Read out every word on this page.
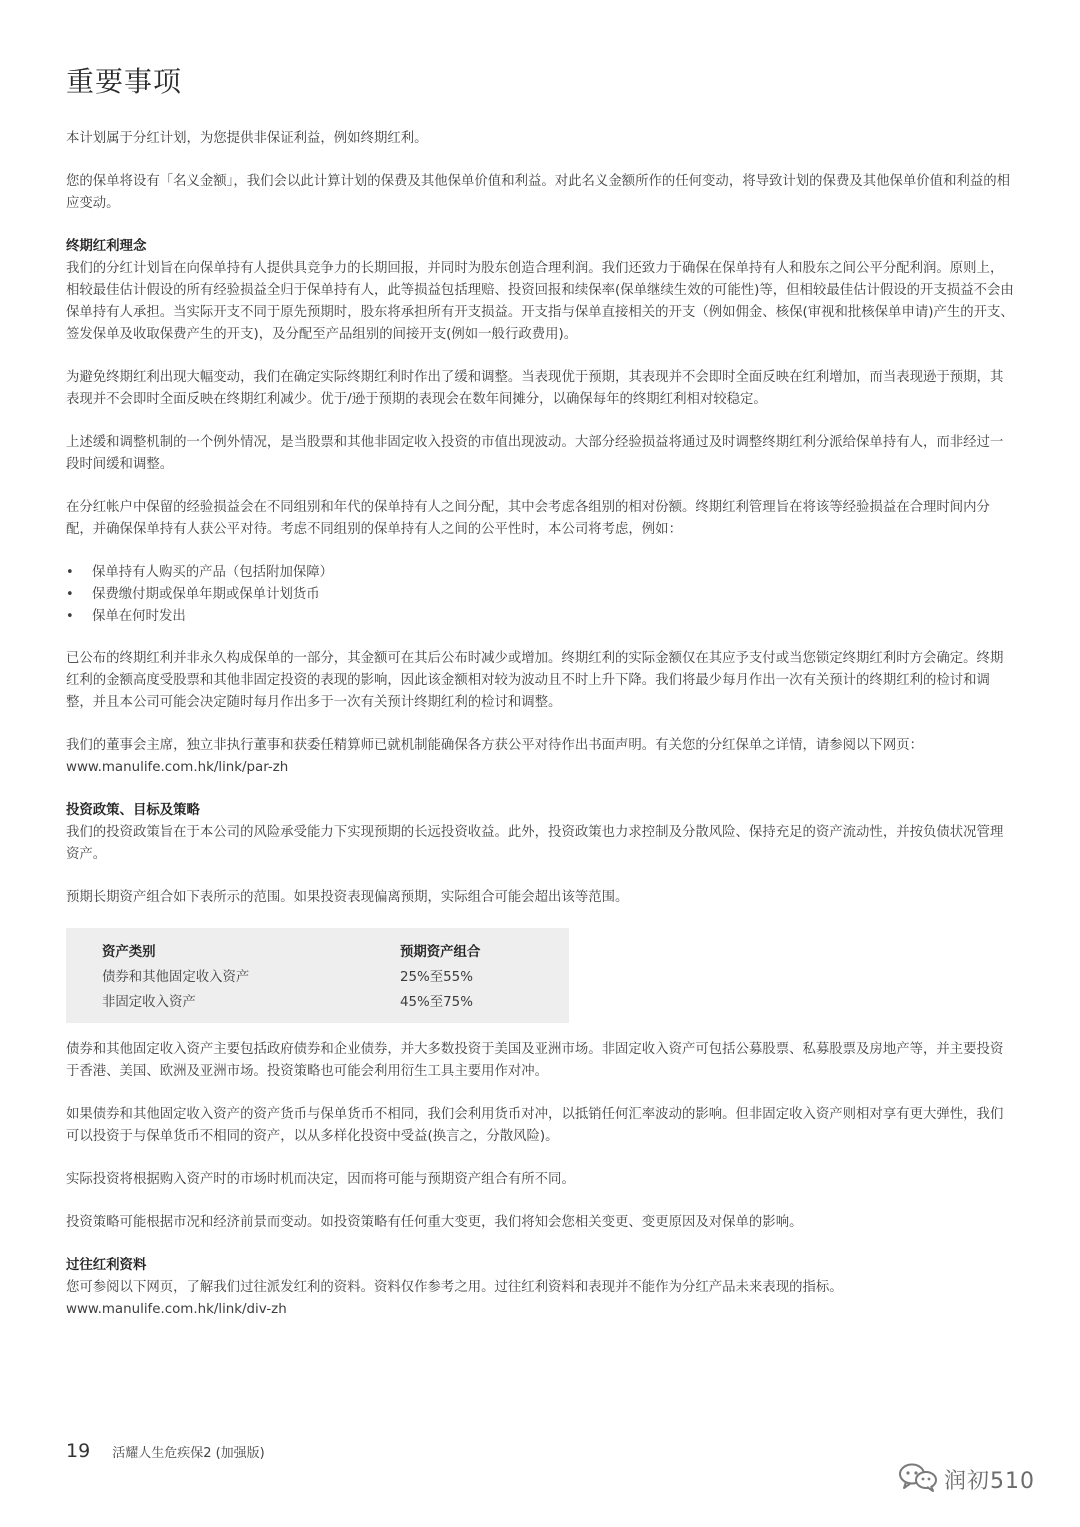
重要事项

本计划属于分红计划，为您提供非保证利益，例如终期红利。

您的保单将设有「名义金额」，我们会以此计算计划的保费及其他保单价值和利益。对此名义金额所作的任何变动，将导致计划的保费及其他保单价值和利益的相应变动。

终期红利理念

我们的分红计划旨在向保单持有人提供具竞争力的长期回报，并同时为股东创造合理利润。我们还致力于确保在保单持有人和股东之间公平分配利润。原则上，相较最佳估计假设的所有经验损益全归于保单持有人，此等损益包括理赔、投资回报和续保率(保单继续生效的可能性)等，但相较最佳估计假设的开支损益不会由保单持有人承担。当实际开支不同于原先预期时，股东将承担所有开支损益。开支指与保单直接相关的开支（例如佣金、核保(审视和批核保单申请)产生的开支、签发保单及收取保费产生的开支)，及分配至产品组别的间接开支(例如一般行政费用)。

为避免终期红利出现大幅变动，我们在确定实际终期红利时作出了缓和调整。当表现优于预期，其表现并不会即时全面反映在红利增加，而当表现逊于预期，其表现并不会即时全面反映在终期红利减少。优于/逊于预期的表现会在数年间摊分，以确保每年的终期红利相对较稳定。

上述缓和调整机制的一个例外情况，是当股票和其他非固定收入投资的市值出现波动。大部分经验损益将通过及时调整终期红利分派给保单持有人，而非经过一段时间缓和调整。

在分红帐户中保留的经验损益会在不同组别和年代的保单持有人之间分配，其中会考虑各组别的相对份额。终期红利管理旨在将该等经验损益在合理时间内分配，并确保保单持有人获公平对待。考虑不同组别的保单持有人之间的公平性时，本公司将考虑，例如：

• 保单持有人购买的产品（包括附加保障）
• 保费缴付期或保单年期或保单计划货币
• 保单在何时发出

已公布的终期红利并非永久构成保单的一部分，其金额可在其后公布时减少或增加。终期红利的实际金额仅在其应予支付或当您锁定终期红利时方会确定。终期红利的金额高度受股票和其他非固定投资的表现的影响，因此该金额相对较为波动且不时上升下降。我们将最少每月作出一次有关预计的终期红利的检讨和调整，并且本公司可能会决定随时每月作出多于一次有关预计终期红利的检讨和调整。

我们的董事会主席，独立非执行董事和获委任精算师已就机制能确保各方获公平对待作出书面声明。有关您的分红保单之详情，请参阅以下网页：
www.manulife.com.hk/link/par-zh

投资政策、目标及策略

我们的投资政策旨在于本公司的风险承受能力下实现预期的长远投资收益。此外，投资政策也力求控制及分散风险、保持充足的资产流动性，并按负债状况管理资产。

预期长期资产组合如下表所示的范围。如果投资表现偏离预期，实际组合可能会超出该等范围。

资产类别	预期资产组合
债券和其他固定收入资产	25%至55%
非固定收入资产	45%至75%

债券和其他固定收入资产主要包括政府债券和企业债券，并大多数投资于美国及亚洲市场。非固定收入资产可包括公募股票、私募股票及房地产等，并主要投资于香港、美国、欧洲及亚洲市场。投资策略也可能会利用衍生工具主要用作对冲。

如果债券和其他固定收入资产的资产货币与保单货币不相同，我们会利用货币对冲，以抵销任何汇率波动的影响。但非固定收入资产则相对享有更大弹性，我们可以投资于与保单货币不相同的资产，以从多样化投资中受益(换言之，分散风险)。

实际投资将根据购入资产时的市场时机而决定，因而将可能与预期资产组合有所不同。

投资策略可能根据市况和经济前景而变动。如投资策略有任何重大变更，我们将知会您相关变更、变更原因及对保单的影响。

过往红利资料

您可参阅以下网页，了解我们过往派发红利的资料。资料仅作参考之用。过往红利资料和表现并不能作为分红产品未来表现的指标。
www.manulife.com.hk/link/div-zh

19 活耀人生危疾保2 (加强版)
润初510
